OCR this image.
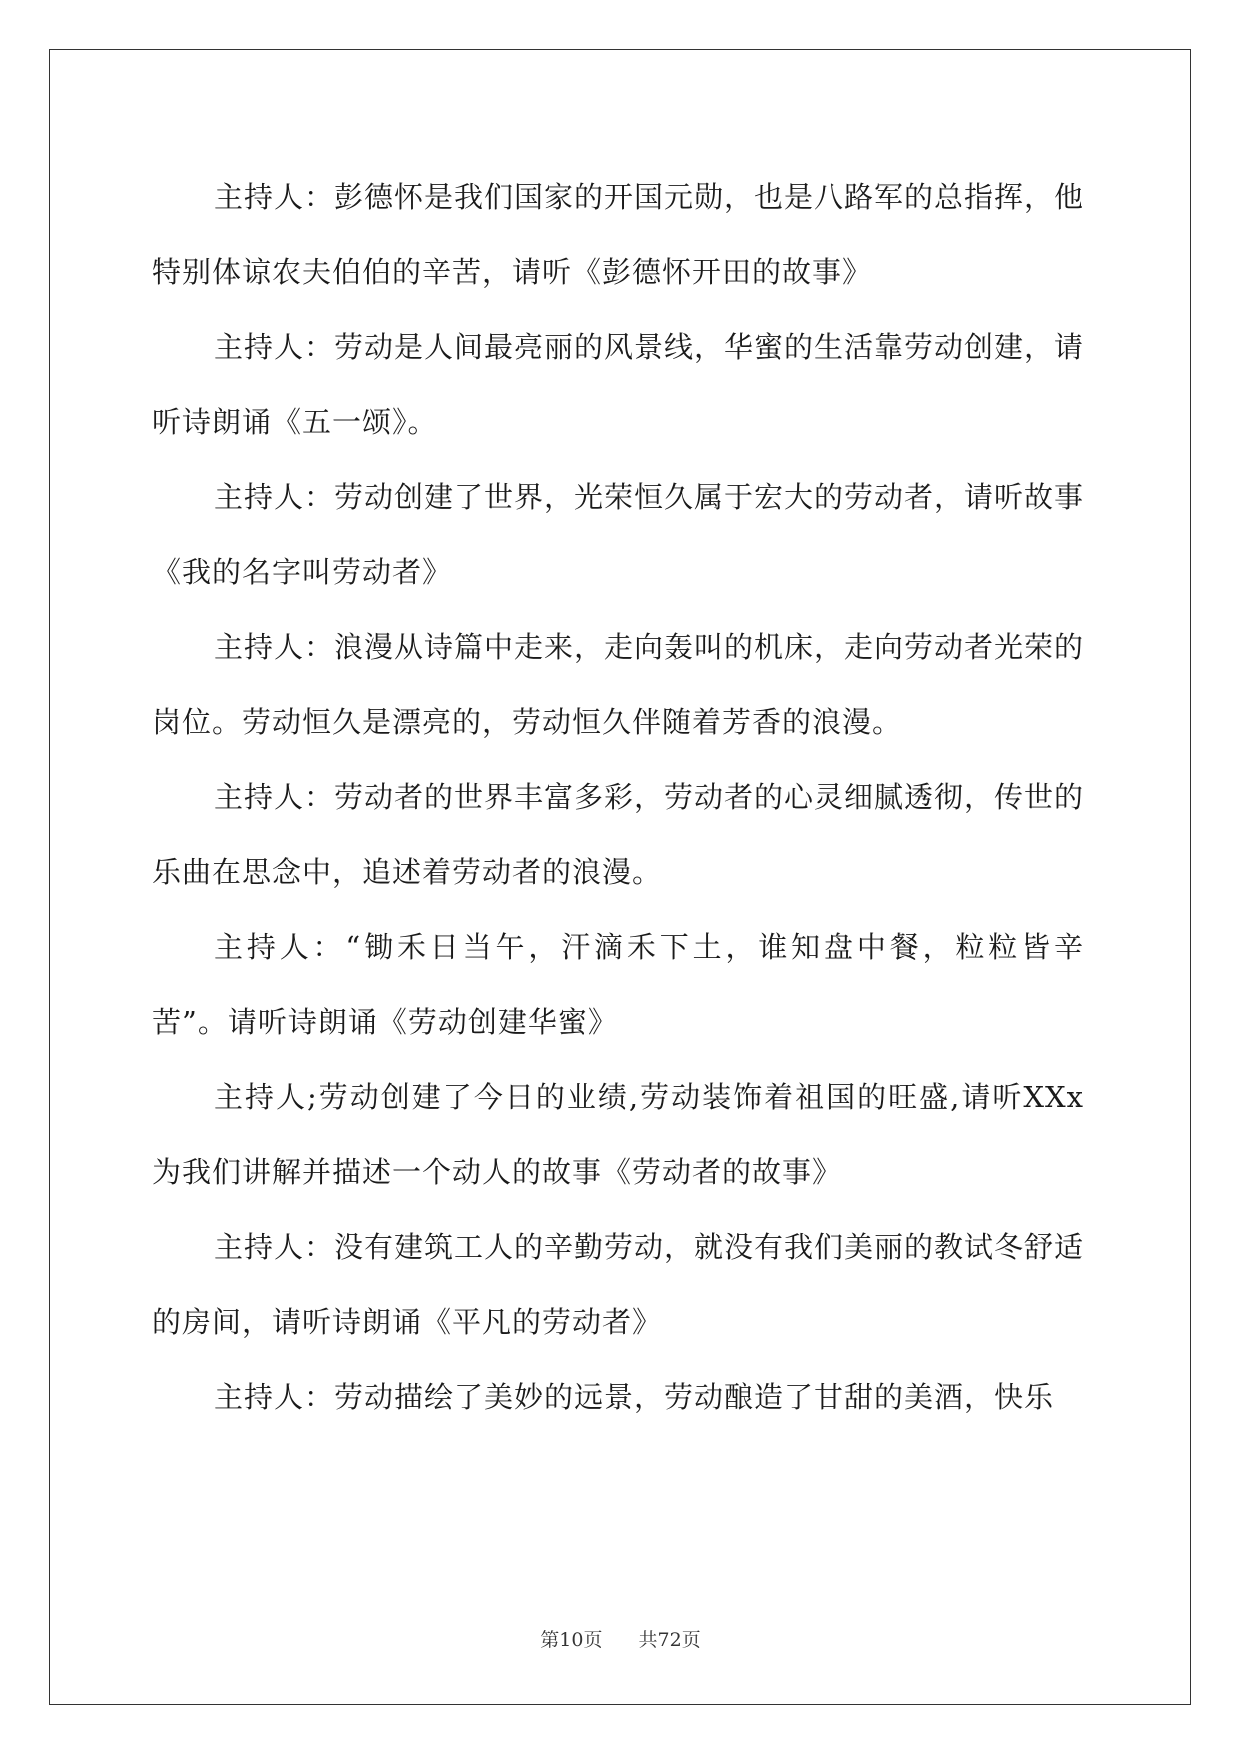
主持人：彭德怀是我们国家的开国元勋，也是八路军的总指挥，他特别体谅农夫伯伯的辛苦，请听《彭德怀开田的故事》

主持人：劳动是人间最亮丽的风景线，华蜜的生活靠劳动创建，请听诗朗诵《五一颂》。

主持人：劳动创建了世界，光荣恒久属于宏大的劳动者，请听故事《我的名字叫劳动者》

主持人：浪漫从诗篇中走来，走向轰叫的机床，走向劳动者光荣的岗位。劳动恒久是漂亮的，劳动恒久伴随着芳香的浪漫。

主持人：劳动者的世界丰富多彩，劳动者的心灵细腻透彻，传世的乐曲在思念中，追述着劳动者的浪漫。

主持人：“锄禾日当午，汗滴禾下土，谁知盘中餐，粒粒皆辛苦”。请听诗朗诵《劳动创建华蜜》

主持人;劳动创建了今日的业绩,劳动装饰着祖国的旺盛,请听XXx为我们讲解并描述一个动人的故事《劳动者的故事》

主持人：没有建筑工人的辛勤劳动，就没有我们美丽的教试冬舒适的房间，请听诗朗诵《平凡的劳动者》

主持人：劳动描绘了美妙的远景，劳动酿造了甘甜的美酒，快乐

第10页 共72页
